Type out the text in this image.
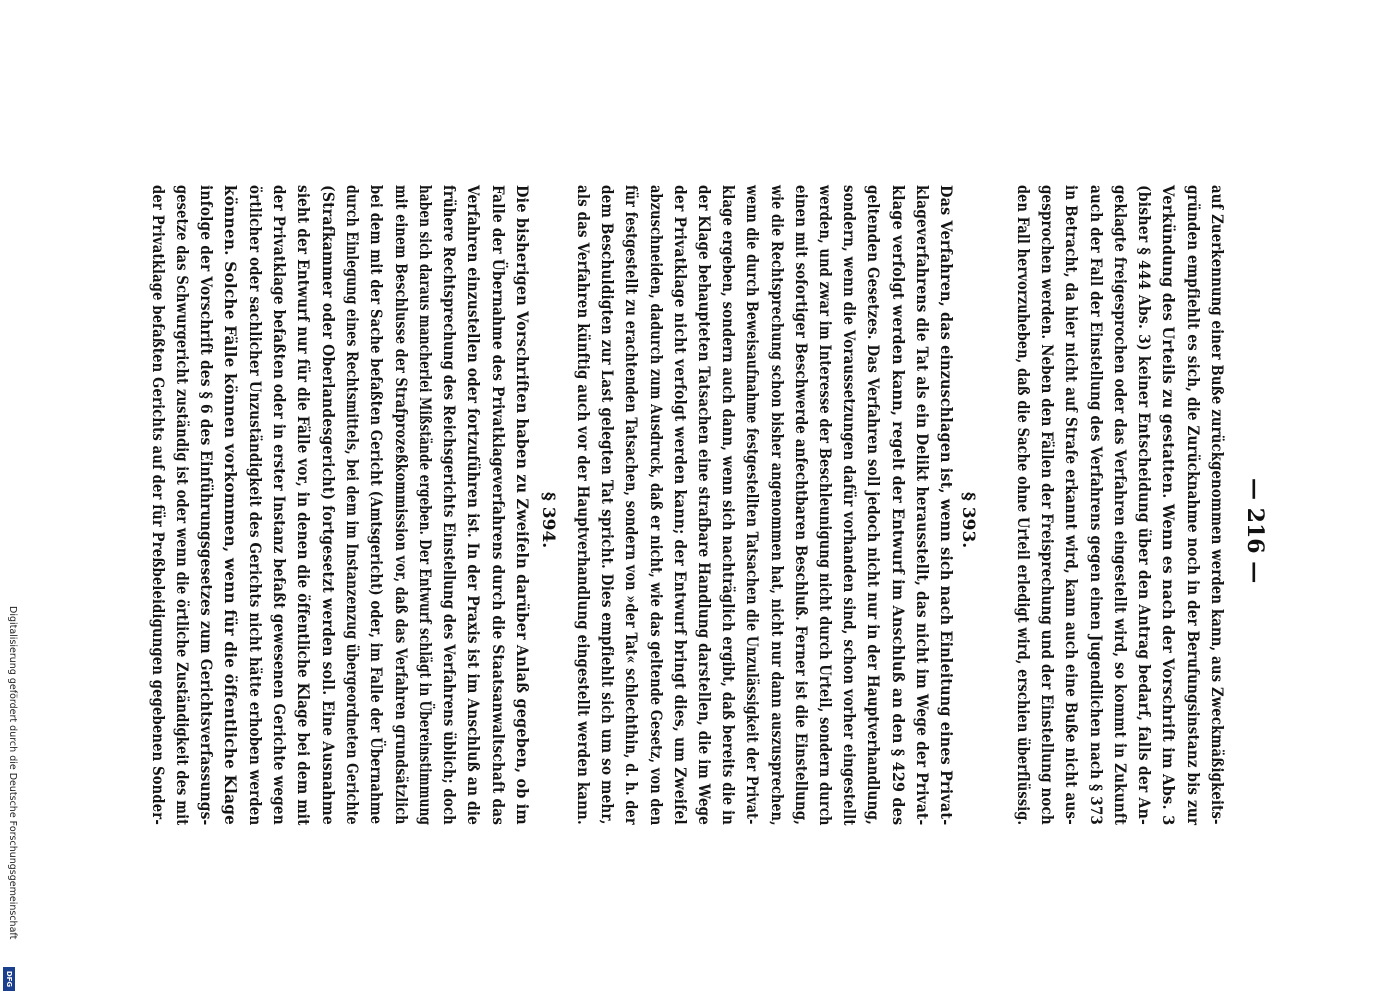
— 216 —
auf Zuerkennung einer Buße zurückgenommen werden kann, aus Zweckmäßigkeits-
gründen empfiehlt es sich, die Zurücknahme noch in der Berufungsinstanz bis zur
Verkündung des Urteils zu gestatten. Wenn es nach der Vorschrift im Abs. 3
(bisher § 444 Abs. 3) keiner Entscheidung über den Antrag bedarf, falls der An-
geklagte freigesprochen oder das Verfahren eingestellt wird, so kommt in Zukunft
auch der Fall der Einstellung des Verfahrens gegen einen Jugendlichen nach § 373
in Betracht, da hier nicht auf Strafe erkannt wird, kann auch eine Buße nicht aus-
gesprochen werden. Neben den Fällen der Freisprechung und der Einstellung noch
den Fall hervorzuheben, daß die Sache ohne Urteil erledigt wird, erschien überflüssig.
§ 393.
Das Verfahren, das einzuschlagen ist, wenn sich nach Einleitung eines Privat-
klageverfahrens die Tat als ein Delikt herausstellt, das nicht im Wege der Privat-
klage verfolgt werden kann, regelt der Entwurf im Anschluß an den § 429 des
geltenden Gesetzes. Das Verfahren soll jedoch nicht nur in der Hauptverhandlung,
sondern, wenn die Voraussetzungen dafür vorhanden sind, schon vorher eingestellt
werden, und zwar im Interesse der Beschleunigung nicht durch Urteil, sondern durch
einen mit sofortiger Beschwerde anfechtbaren Beschluß. Ferner ist die Einstellung,
wie die Rechtsprechung schon bisher angenommen hat, nicht nur dann auszusprechen,
wenn die durch Beweisaufnahme festgestellten Tatsachen die Unzulässigkeit der Privat-
klage ergeben, sondern auch dann, wenn sich nachträglich ergibt, daß bereits die in
der Klage behaupteten Tatsachen eine strafbare Handlung darstellen, die im Wege
der Privatklage nicht verfolgt werden kann; der Entwurf bringt dies, um Zweifel
abzuschneiden, dadurch zum Ausdruck, daß er nicht, wie das geltende Gesetz, von den
für festgestellt zu erachtenden Tatsachen, sondern von »der Tat« schlechthin, d. h. der
dem Beschuldigten zur Last gelegten Tat spricht. Dies empfiehlt sich um so mehr,
als das Verfahren künftig auch vor der Hauptverhandlung eingestellt werden kann.
§ 394.
Die bisherigen Vorschriften haben zu Zweifeln darüber Anlaß gegeben, ob im
Falle der Übernahme des Privatklageverfahrens durch die Staatsanwaltschaft das
Verfahren einzustellen oder fortzuführen ist. In der Praxis ist im Anschluß an die
frühere Rechtsprechung des Reichsgerichts Einstellung des Verfahrens üblich; doch
haben sich daraus mancherlei Mißstände ergeben. Der Entwurf schlägt in Übereinstimmung
mit einem Beschlusse der Strafprozeßkommission vor, daß das Verfahren grundsätzlich
bei dem mit der Sache befaßten Gericht (Amtsgericht) oder, im Falle der Übernahme
durch Einlegung eines Rechtsmittels, bei dem im Instanzenzug übergeordneten Gerichte
(Strafkammer oder Oberlandesgericht) fortgesetzt werden soll. Eine Ausnahme
sieht der Entwurf nur für die Fälle vor, in denen die öffentliche Klage bei dem mit
der Privatklage befaßten oder in erster Instanz befaßt gewesenen Gerichte wegen
örtlicher oder sachlicher Unzuständigkeit des Gerichts nicht hätte erhoben werden
können. Solche Fälle können vorkommen, wenn für die öffentliche Klage
infolge der Vorschrift des § 6 des Einführungsgesetzes zum Gerichtsverfassungs-
gesetze das Schwurgericht zuständig ist oder wenn die örtliche Zuständigkeit des mit
der Privatklage befaßten Gerichts auf der für Preßbeleidigungen gegebenen Sonder-
Digitalisierung gefördert durch die Deutsche Forschungsgemeinschaft
DFG
